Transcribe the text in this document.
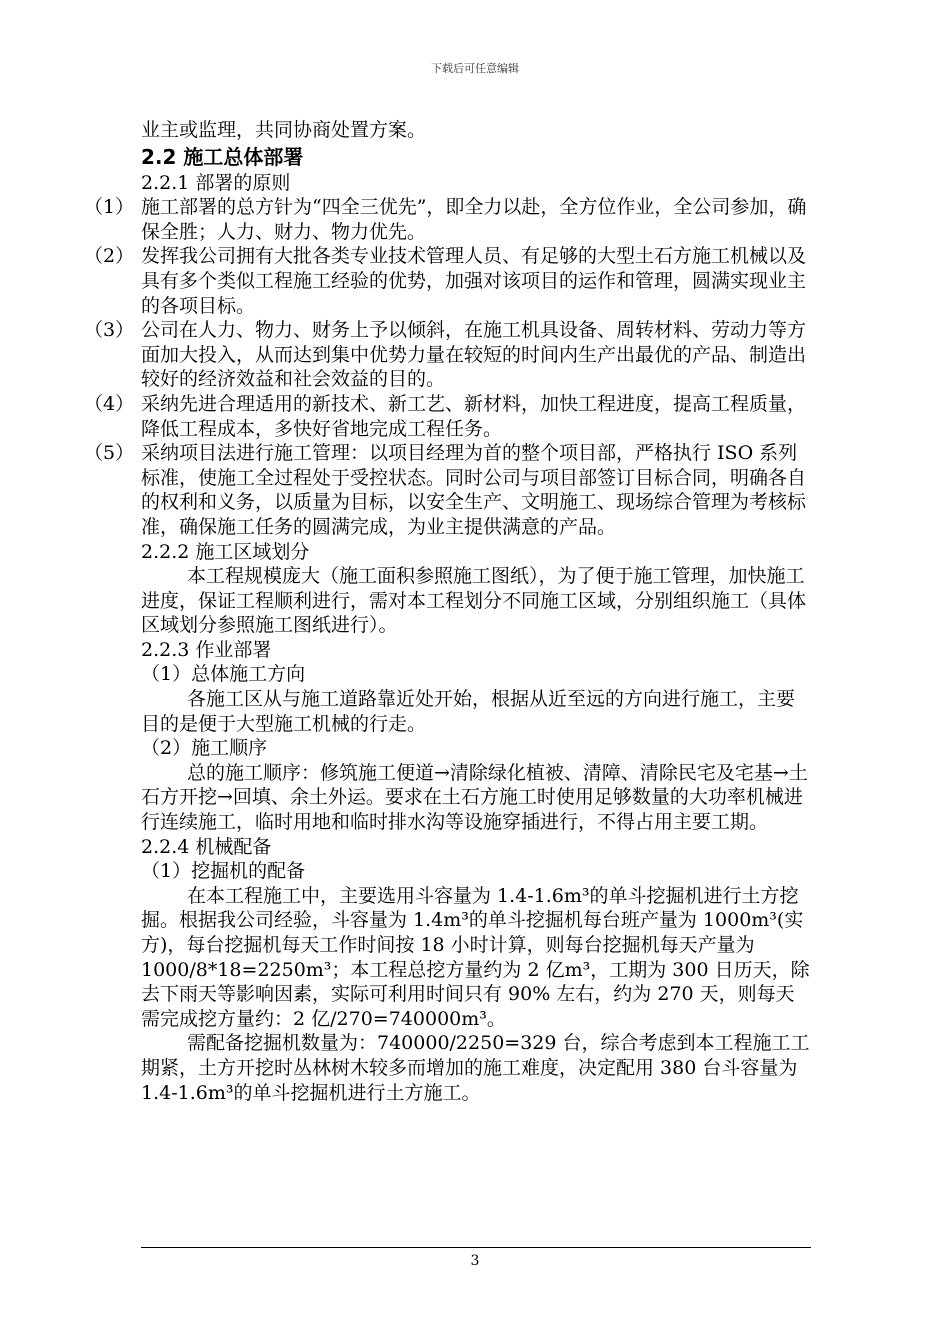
下载后可任意编辑

业主或监理，共同协商处置方案。

2.2 施工总体部署

2.2.1 部署的原则

（1） 施工部署的总方针为“四全三优先”，即全力以赴，全方位作业，全公司参加，确保全胜；人力、财力、物力优先。

（2） 发挥我公司拥有大批各类专业技术管理人员、有足够的大型土石方施工机械以及具有多个类似工程施工经验的优势，加强对该项目的运作和管理，圆满实现业主的各项目标。

（3） 公司在人力、物力、财务上予以倾斜，在施工机具设备、周转材料、劳动力等方面加大投入，从而达到集中优势力量在较短的时间内生产出最优的产品、制造出较好的经济效益和社会效益的目的。

（4） 采纳先进合理适用的新技术、新工艺、新材料，加快工程进度，提高工程质量，降低工程成本，多快好省地完成工程任务。

（5） 采纳项目法进行施工管理：以项目经理为首的整个项目部，严格执行 ISO 系列标准，使施工全过程处于受控状态。同时公司与项目部签订目标合同，明确各自的权利和义务，以质量为目标，以安全生产、文明施工、现场综合管理为考核标准，确保施工任务的圆满完成，为业主提供满意的产品。

2.2.2 施工区域划分

本工程规模庞大（施工面积参照施工图纸），为了便于施工管理，加快施工进度，保证工程顺利进行，需对本工程划分不同施工区域，分别组织施工（具体区域划分参照施工图纸进行）。

2.2.3 作业部署

（1）总体施工方向

各施工区从与施工道路靠近处开始，根据从近至远的方向进行施工，主要目的是便于大型施工机械的行走。

（2）施工顺序

总的施工顺序：修筑施工便道→清除绿化植被、清障、清除民宅及宅基→土石方开挖→回填、余土外运。要求在土石方施工时使用足够数量的大功率机械进行连续施工，临时用地和临时排水沟等设施穿插进行，不得占用主要工期。

2.2.4 机械配备

（1）挖掘机的配备

在本工程施工中，主要选用斗容量为 1.4-1.6m³的单斗挖掘机进行土方挖掘。根据我公司经验，斗容量为 1.4m³的单斗挖掘机每台班产量为 1000m³(实方)，每台挖掘机每天工作时间按 18 小时计算，则每台挖掘机每天产量为 1000/8*18=2250m³；本工程总挖方量约为 2 亿m³，工期为 300 日历天，除去下雨天等影响因素，实际可利用时间只有 90% 左右，约为 270 天，则每天需完成挖方量约：2 亿/270=740000m³。

需配备挖掘机数量为：740000/2250=329 台，综合考虑到本工程施工工期紧，土方开挖时丛林树木较多而增加的施工难度，决定配用 380 台斗容量为 1.4-1.6m³的单斗挖掘机进行土方施工。

3
